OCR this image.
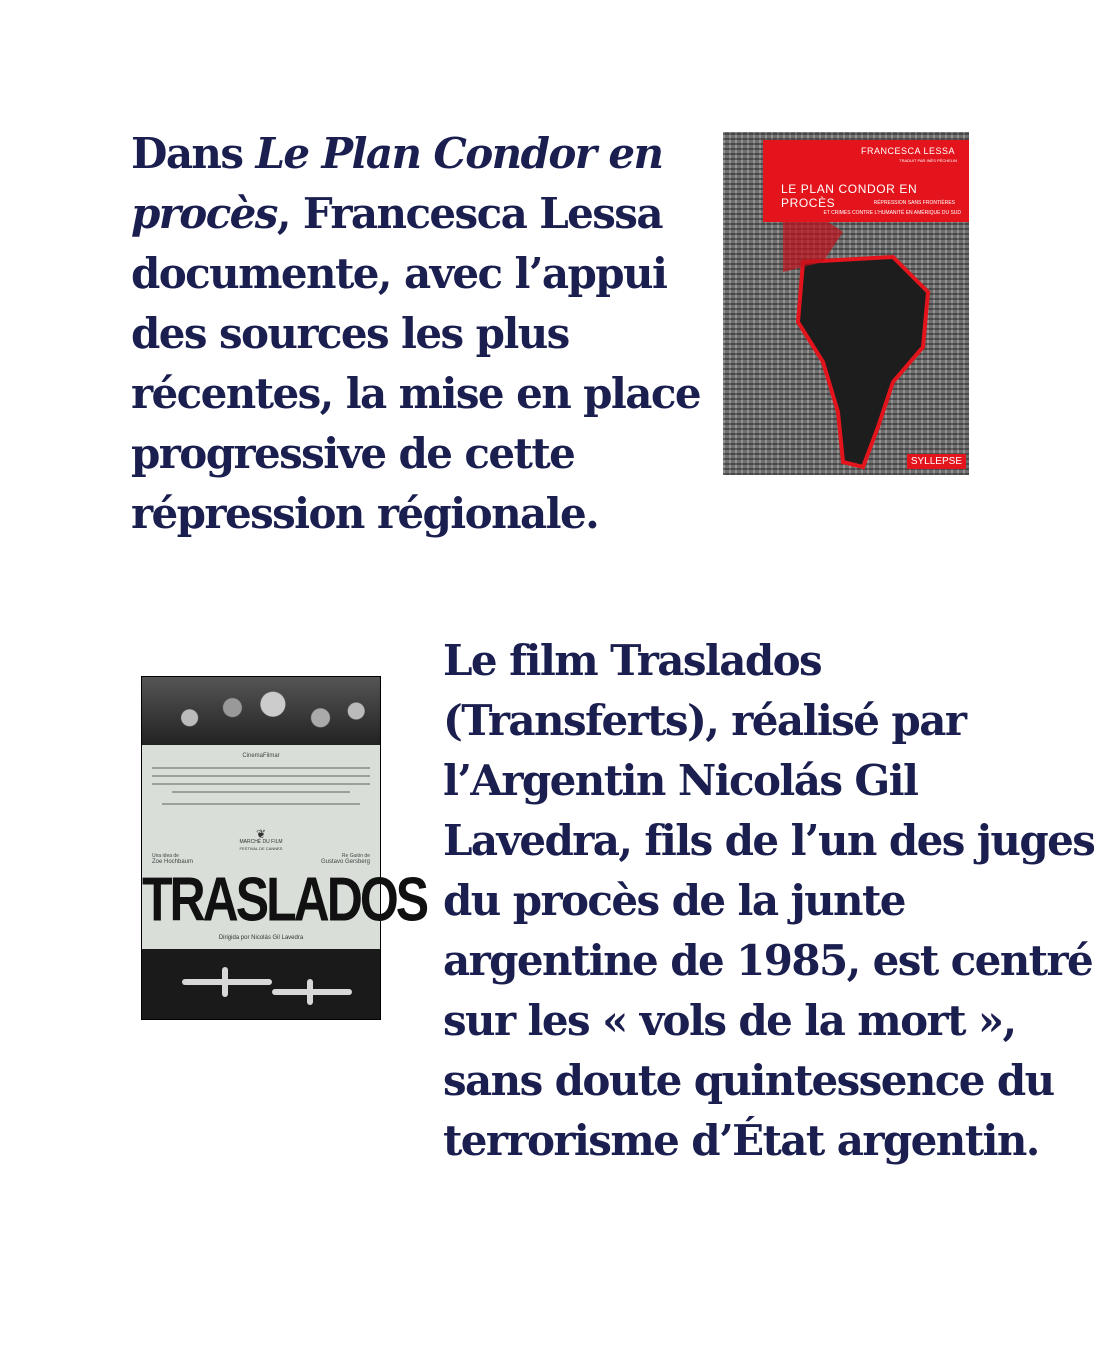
Dans Le Plan Condor en
procès, Francesca Lessa
documente, avec l’appui
des sources les plus
récentes, la mise en place
progressive de cette
répression régionale.
FRANCESCA LESSA
TRADUIT PAR INÈS PÉCHELIN
LE PLAN CONDOR EN PROCÈS	RÉPRESSION SANS FRONTIÈRES
ET CRIMES CONTRE L'HUMANITÉ EN AMÉRIQUE DU SUD
SYLLEPSE
CinemaFilmar
❦
MARCHÉ DU FILM
FESTIVAL DE CANNES
Una idea de
Zoe Hochbaum
Re Guión de
Gustavo Gersberg
TRASLADOS
Dirigida por Nicolás Gil Lavedra
Le film Traslados
(Transferts), réalisé par
l’Argentin Nicolás Gil
Lavedra, fils de l’un des juges
du procès de la junte
argentine de 1985, est centré
sur les « vols de la mort »,
sans doute quintessence du
terrorisme d’État argentin.
